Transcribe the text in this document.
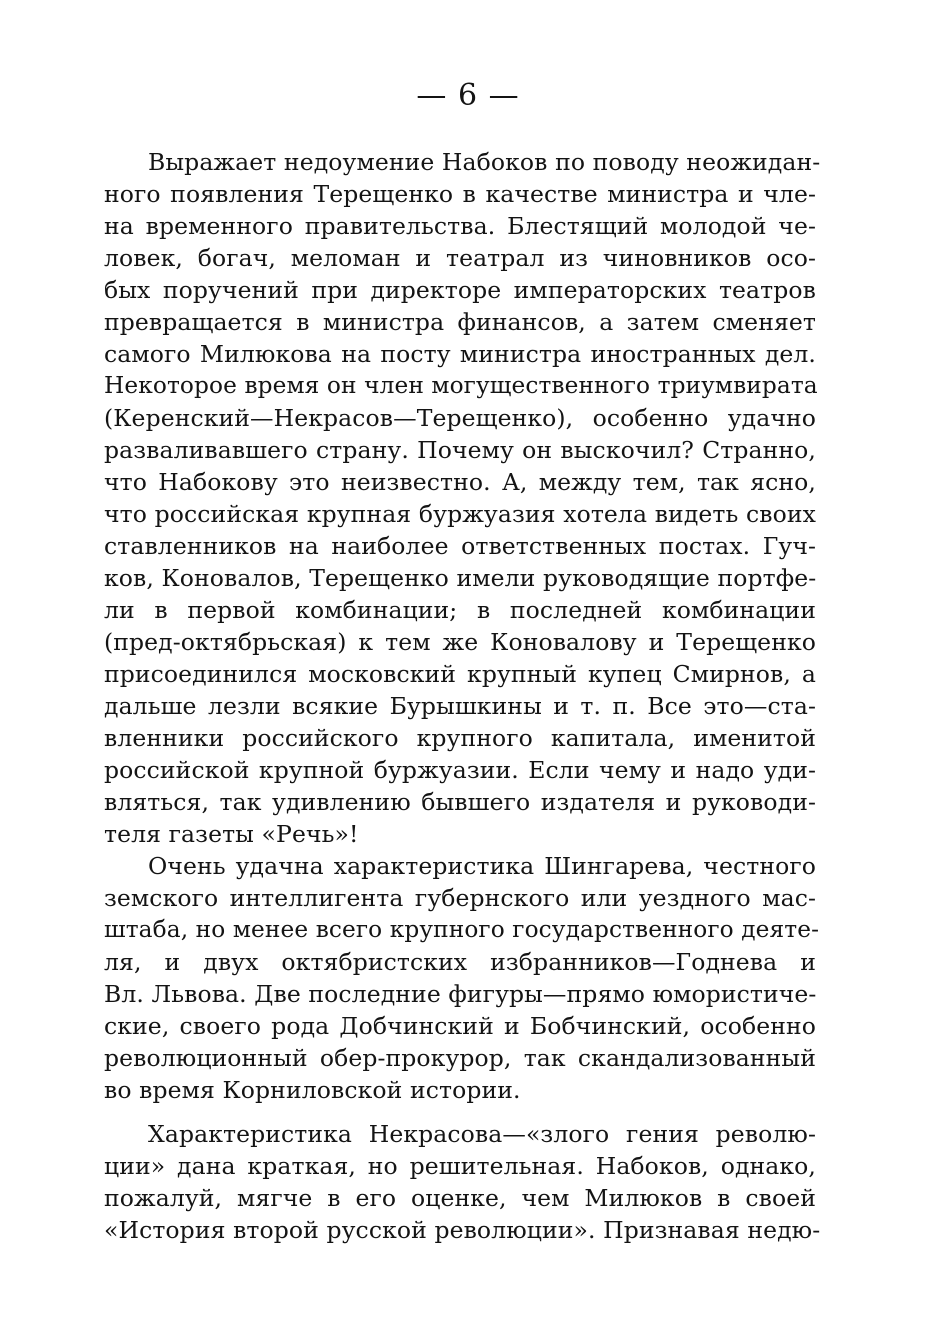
— 6 —
Выражает недоумение Набоков по поводу неожидан-
ного появления Терещенко в качестве министра и чле-
на временного правительства. Блестящий молодой че-
ловек, богач, меломан и театрал из чиновников осо-
бых поручений при директоре императорских театров
превращается в министра финансов, а затем сменяет
самого Милюкова на посту министра иностранных дел.
Некоторое время он член могущественного триумвирата
(Керенский—Некрасов—Терещенко), особенно удачно
разваливавшего страну. Почему он выскочил? Странно,
что Набокову это неизвестно. А, между тем, так ясно,
что российская крупная буржуазия хотела видеть своих
ставленников на наиболее ответственных постах. Гуч-
ков, Коновалов, Терещенко имели руководящие портфе-
ли в первой комбинации; в последней комбинации
(пред-октябрьская) к тем же Коновалову и Терещенко
присоединился московский крупный купец Смирнов, а
дальше лезли всякие Бурышкины и т. п. Все это—ста-
вленники российского крупного капитала, именитой
российской крупной буржуазии. Если чему и надо уди-
вляться, так удивлению бывшего издателя и руководи-
теля газеты «Речь»!
Очень удачна характеристика Шингарева, честного
земского интеллигента губернского или уездного мас-
штаба, но менее всего крупного государственного деяте-
ля, и двух октябристских избранников—Годнева и
Вл. Львова. Две последние фигуры—прямо юмористиче-
ские, своего рода Добчинский и Бобчинский, особенно
революционный обер-прокурор, так скандализованный
во время Корниловской истории.
Характеристика Некрасова—«злого гения револю-
ции» дана краткая, но решительная. Набоков, однако,
пожалуй, мягче в его оценке, чем Милюков в своей
«История второй русской революции». Признавая недю-
